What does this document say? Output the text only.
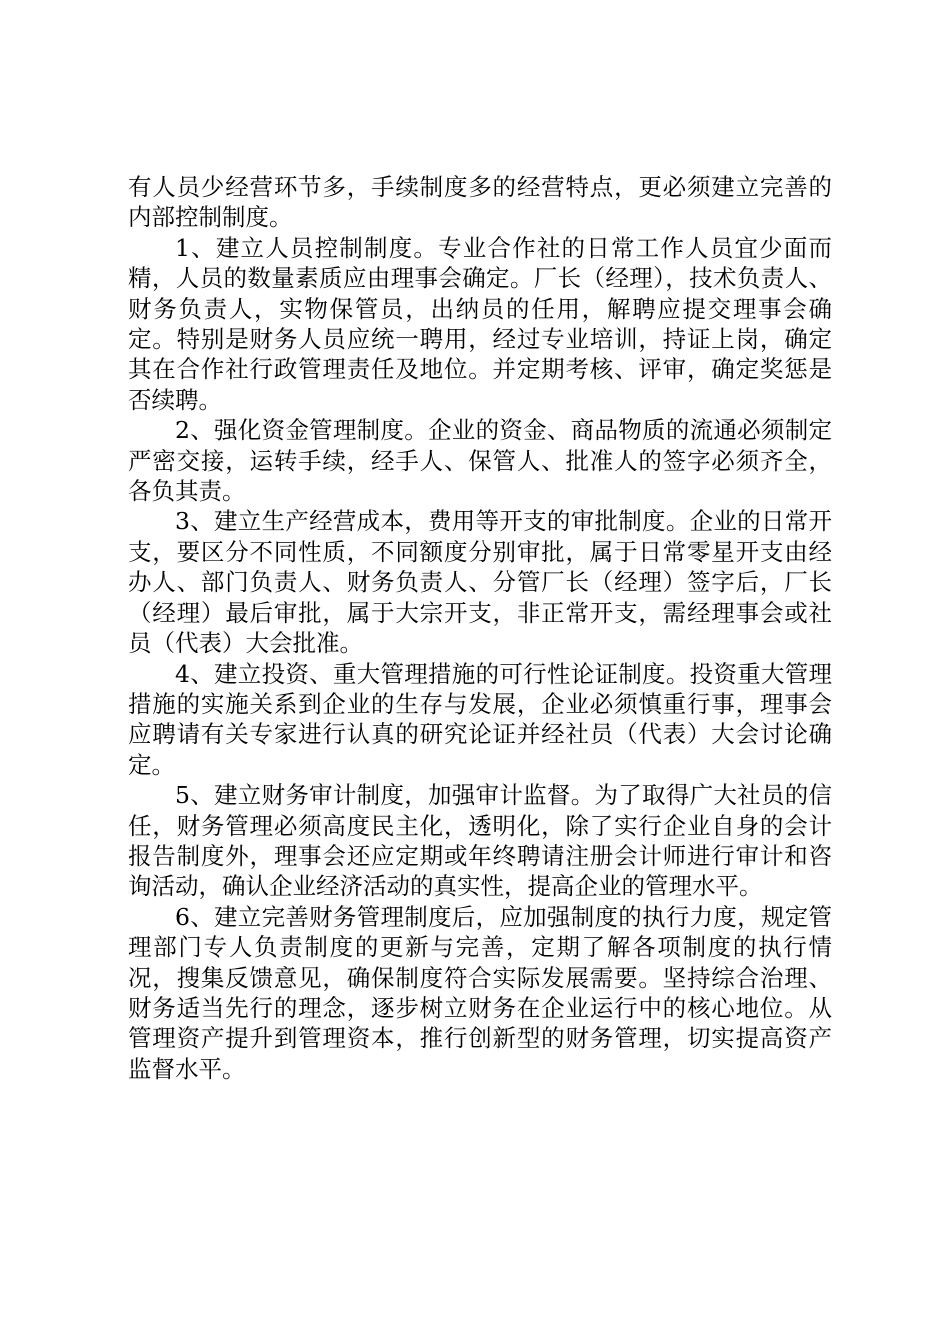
有人员少经营环节多，手续制度多的经营特点，更必须建立完善的内部控制制度。

1、建立人员控制制度。专业合作社的日常工作人员宜少面而精，人员的数量素质应由理事会确定。厂长（经理），技术负责人、财务负责人，实物保管员，出纳员的任用，解聘应提交理事会确定。特别是财务人员应统一聘用，经过专业培训，持证上岗，确定其在合作社行政管理责任及地位。并定期考核、评审，确定奖惩是否续聘。

2、强化资金管理制度。企业的资金、商品物质的流通必须制定严密交接，运转手续，经手人、保管人、批准人的签字必须齐全，各负其责。

3、建立生产经营成本，费用等开支的审批制度。企业的日常开支，要区分不同性质，不同额度分别审批，属于日常零星开支由经办人、部门负责人、财务负责人、分管厂长（经理）签字后，厂长（经理）最后审批，属于大宗开支，非正常开支，需经理事会或社员（代表）大会批准。

4、建立投资、重大管理措施的可行性论证制度。投资重大管理措施的实施关系到企业的生存与发展，企业必须慎重行事，理事会应聘请有关专家进行认真的研究论证并经社员（代表）大会讨论确定。

5、建立财务审计制度，加强审计监督。为了取得广大社员的信任，财务管理必须高度民主化，透明化，除了实行企业自身的会计报告制度外，理事会还应定期或年终聘请注册会计师进行审计和咨询活动，确认企业经济活动的真实性，提高企业的管理水平。

6、建立完善财务管理制度后，应加强制度的执行力度，规定管理部门专人负责制度的更新与完善，定期了解各项制度的执行情况，搜集反馈意见，确保制度符合实际发展需要。坚持综合治理、财务适当先行的理念，逐步树立财务在企业运行中的核心地位。从管理资产提升到管理资本，推行创新型的财务管理，切实提高资产监督水平。
